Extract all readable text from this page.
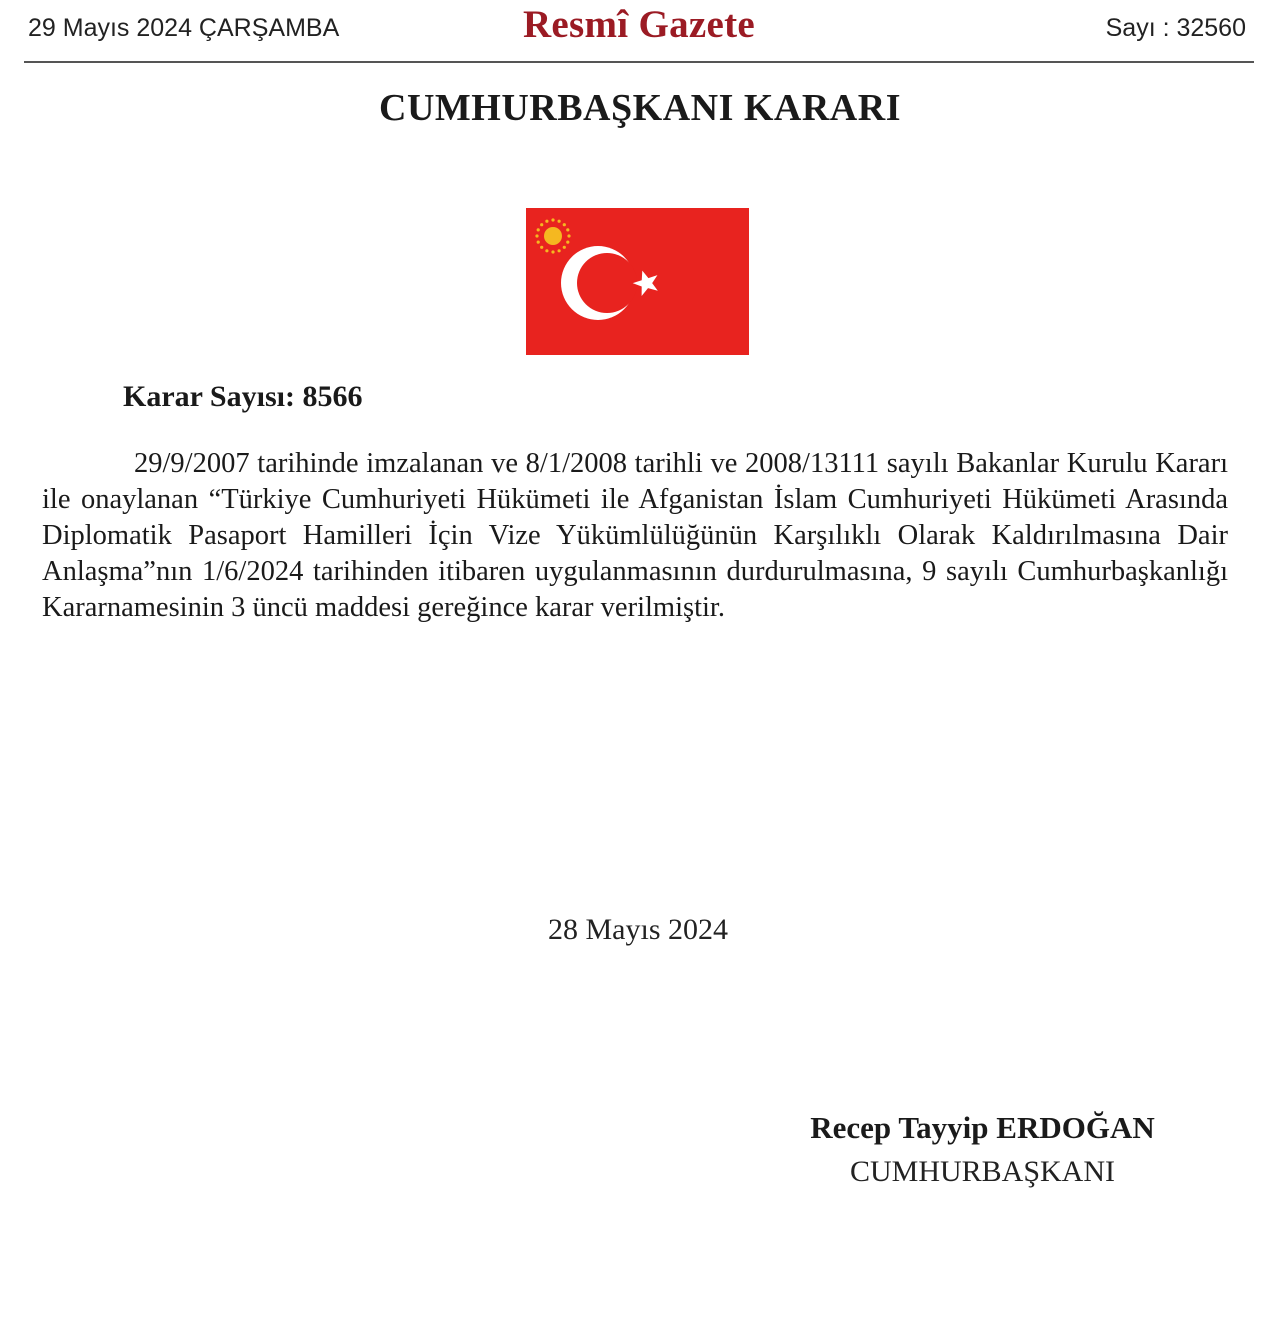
29 Mayıs 2024 ÇARŞAMBA	Resmî Gazete	Sayı : 32560
CUMHURBAŞKANI KARARI
Karar Sayısı: 8566

29/9/2007 tarihinde imzalanan ve 8/1/2008 tarihli ve 2008/13111 sayılı Bakanlar Kurulu Kararı ile onaylanan “Türkiye Cumhuriyeti Hükümeti ile Afganistan İslam Cumhuriyeti Hükümeti Arasında Diplomatik Pasaport Hamilleri İçin Vize Yükümlülüğünün Karşılıklı Olarak Kaldırılmasına Dair Anlaşma”nın 1/6/2024 tarihinden itibaren uygulanmasının durdurulmasına, 9 sayılı Cumhurbaşkanlığı Kararnamesinin 3 üncü maddesi gereğince karar verilmiştir.

28 Mayıs 2024
Recep Tayyip ERDOĞAN
CUMHURBAŞKANI
